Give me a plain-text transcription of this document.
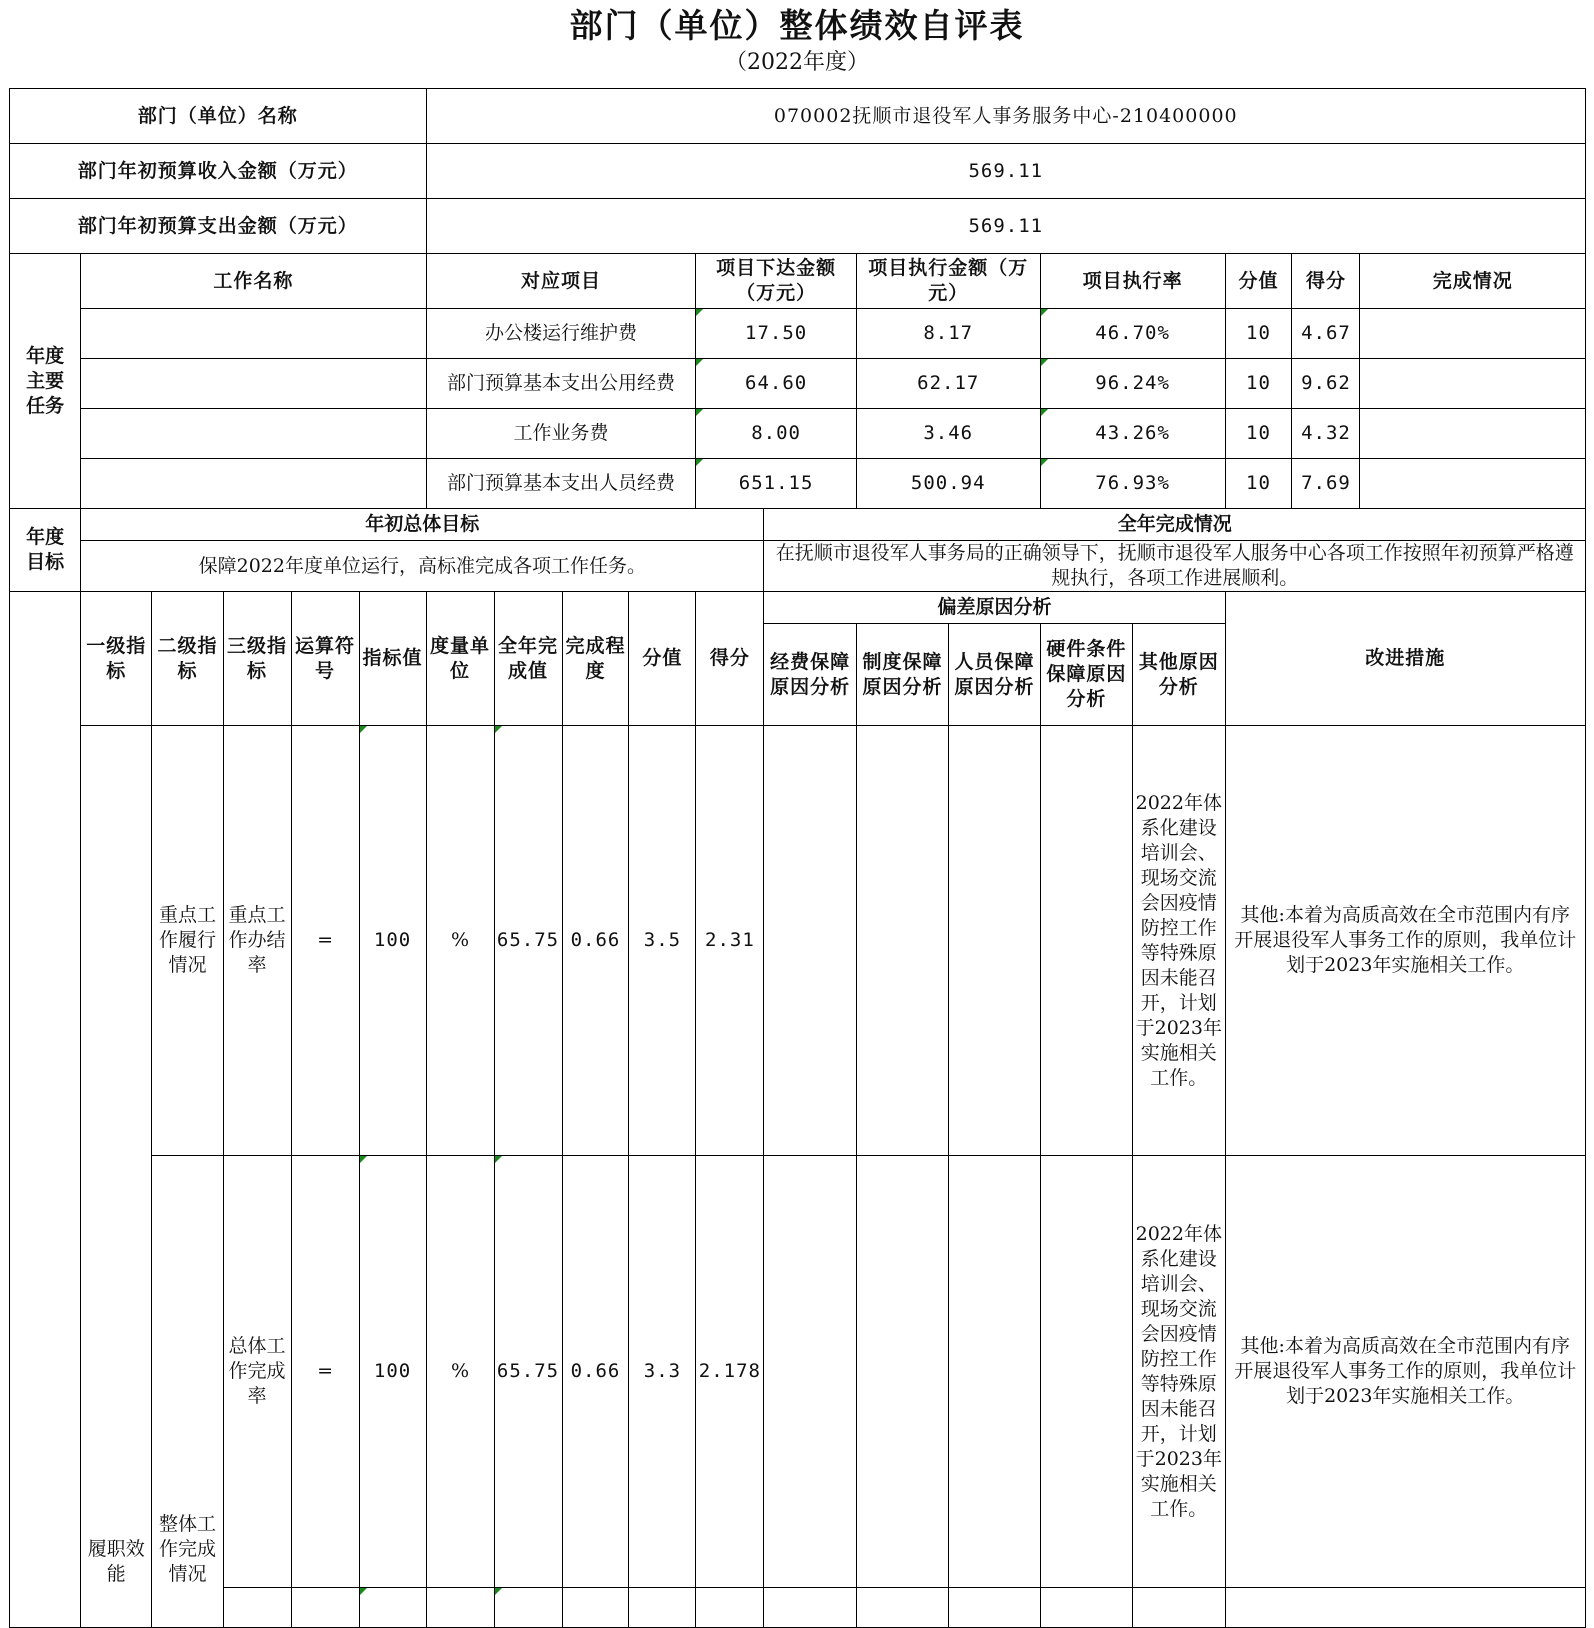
部门（单位）整体绩效自评表
（2022年度）
部门（单位）名称						070002抚顺市退役军人事务服务中心-210400000												
部门年初预算收入金额（万元）						569.11												
部门年初预算支出金额（万元）						569.11												
年度主要任务	工作名称					对应项目				项目下达金额（万元）		项目执行金额（万元）		项目执行率		分值	得分	完成情况
						办公楼运行维护费				17.50		8.17		46.70%		10	4.67	
						部门预算基本支出公用经费				64.60		62.17		96.24%		10	9.62	
						工作业务费				8.00		3.46		43.26%		10	4.32	
						部门预算基本支出人员经费				651.15		500.94		76.93%		10	7.69	
年度目标	年初总体目标										全年完成情况							
	保障2022年度单位运行，高标准完成各项工作任务。										在抚顺市退役军人事务局的正确领导下，抚顺市退役军人服务中心各项工作按照年初预算严格遵规执行，各项工作进展顺利。							
	一级指标	二级指标	三级指标	运算符号	指标值	度量单位	全年完成值	完成程度	分值	得分	偏差原因分析					改进措施		
											经费保障原因分析	制度保障原因分析	人员保障原因分析	硬件条件保障原因分析	其他原因分析			
	履职效能	重点工作履行情况	重点工作办结率	=	100	%	65.75	0.66	3.5	2.31					2022年体系化建设培训会、现场交流会因疫情防控工作等特殊原因未能召开，计划于2023年实施相关工作。	其他:本着为高质高效在全市范围内有序开展退役军人事务工作的原则，我单位计划于2023年实施相关工作。		
		整体工作完成情况	总体工作完成率	=	100	%	65.75	0.66	3.3	2.178					2022年体系化建设培训会、现场交流会因疫情防控工作等特殊原因未能召开，计划于2023年实施相关工作。	其他:本着为高质高效在全市范围内有序开展退役军人事务工作的原则，我单位计划于2023年实施相关工作。		
